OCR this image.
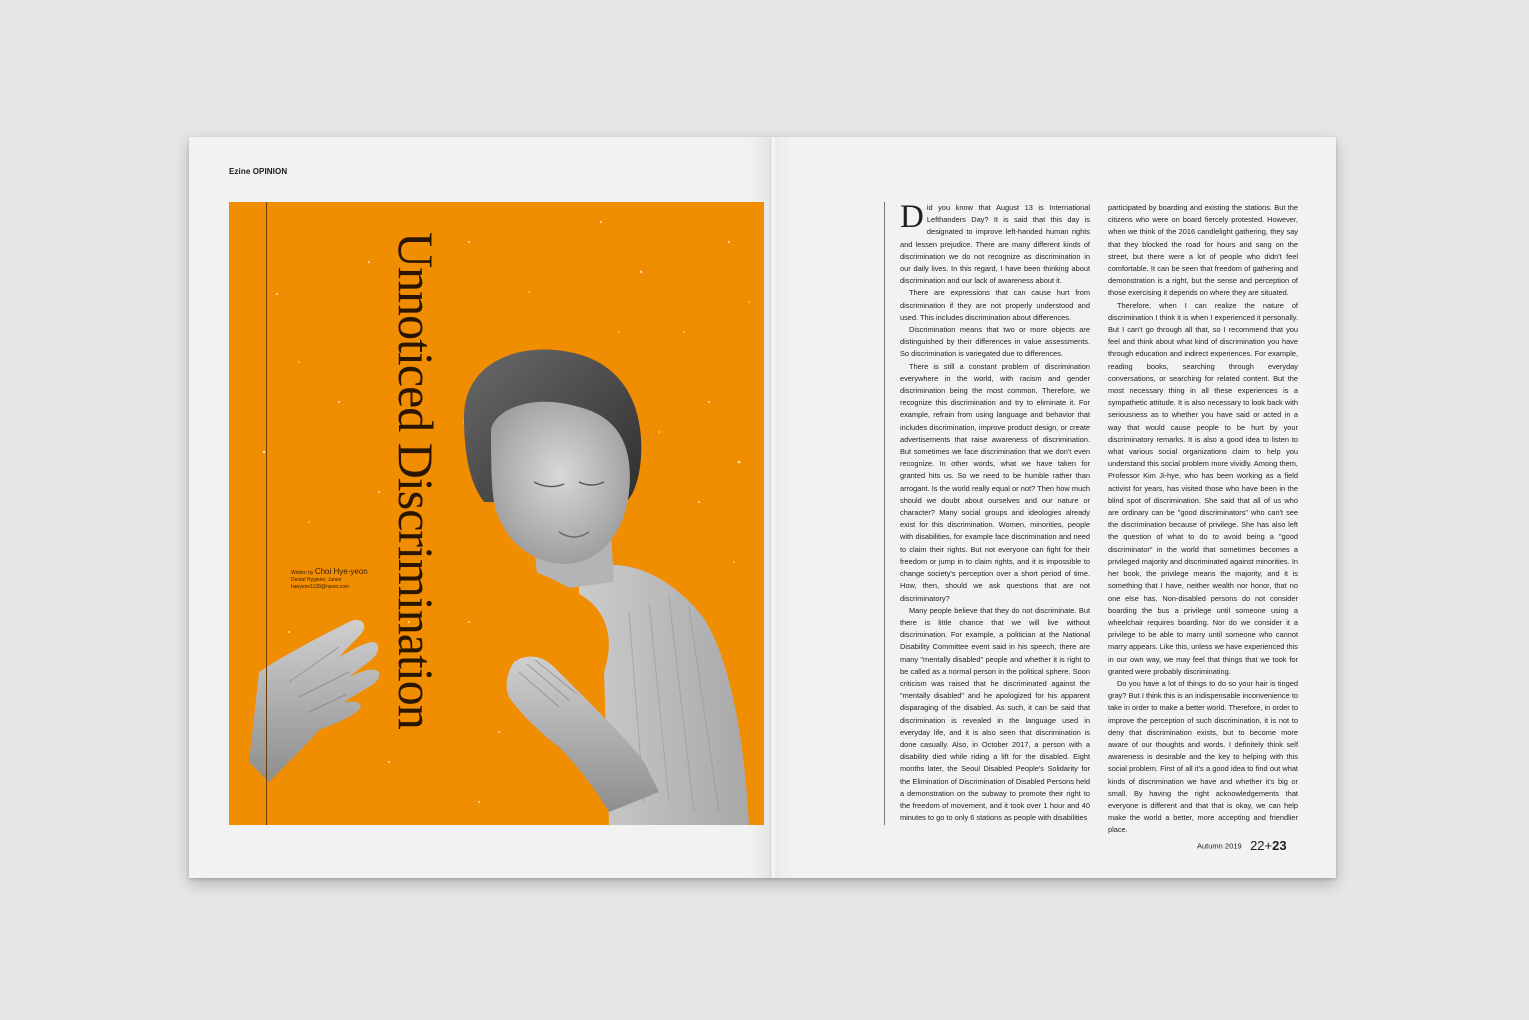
Ezine OPINION
Unnoticed Discrimination
Written by Choi Hye-yeon
Dental Hygiene, Junior
haeyeon1128@naver.com

Did you know that August 13 is International Lefthanders Day? It is said that this day is designated to improve left-handed human rights and lessen prejudice. There are many different kinds of discrimination we do not recognize as discrimination in our daily lives. In this regard, I have been thinking about discrimination and our lack of awareness about it.

There are expressions that can cause hurt from discrimination if they are not properly understood and used. This includes discrimination about differences.

Discrimination means that two or more objects are distinguished by their differences in value assessments. So discrimination is variegated due to differences.

There is still a constant problem of discrimination everywhere in the world, with racism and gender discrimination being the most common. Therefore, we recognize this discrimination and try to eliminate it. For example, refrain from using language and behavior that includes discrimination, improve product design, or create advertisements that raise awareness of discrimination. But sometimes we face discrimination that we don't even recognize. In other words, what we have taken for granted hits us. So we need to be humble rather than arrogant. Is the world really equal or not? Then how much should we doubt about ourselves and our nature or character? Many social groups and ideologies already exist for this discrimination. Women, minorities, people with disabilities, for example face discrimination and need to claim their rights. But not everyone can fight for their freedom or jump in to claim rights, and it is impossible to change society's perception over a short period of time. How, then, should we ask questions that are not discriminatory?

Many people believe that they do not discriminate. But there is little chance that we will live without discrimination. For example, a politician at the National Disability Committee event said in his speech, there are many "mentally disabled" people and whether it is right to be called as a normal person in the political sphere. Soon criticism was raised that he discriminated against the "mentally disabled" and he apologized for his apparent disparaging of the disabled. As such, it can be said that discrimination is revealed in the language used in everyday life, and it is also seen that discrimination is done casually. Also, in October 2017, a person with a disability died while riding a lift for the disabled. Eight months later, the Seoul Disabled People's Solidarity for the Elimination of Discrimination of Disabled Persons held a demonstration on the subway to promote their right to the freedom of movement, and it took over 1 hour and 40 minutes to go to only 6 stations as people with disabilities

participated by boarding and existing the stations. But the citizens who were on board fiercely protested. However, when we think of the 2016 candlelight gathering, they say that they blocked the road for hours and sang on the street, but there were a lot of people who didn't feel comfortable. It can be seen that freedom of gathering and demonstration is a right, but the sense and perception of those exercising it depends on where they are situated.

Therefore, when I can realize the nature of discrimination I think it is when I experienced it personally. But I can't go through all that, so I recommend that you feel and think about what kind of discrimination you have through education and indirect experiences. For example, reading books, searching through everyday conversations, or searching for related content. But the most necessary thing in all these experiences is a sympathetic attitude. It is also necessary to look back with seriousness as to whether you have said or acted in a way that would cause people to be hurt by your discriminatory remarks. It is also a good idea to listen to what various social organizations claim to help you understand this social problem more vividly. Among them, Professor Kim Ji-hye, who has been working as a field activist for years, has visited those who have been in the blind spot of discrimination. She said that all of us who are ordinary can be "good discriminators" who can't see the discrimination because of privilege. She has also left the question of what to do to avoid being a "good discriminator" in the world that sometimes becomes a privileged majority and discriminated against minorities. In her book, the privilege means the majority, and it is something that I have, neither wealth nor honor, that no one else has. Non-disabled persons do not consider boarding the bus a privilege until someone using a wheelchair requires boarding. Nor do we consider it a privilege to be able to marry until someone who cannot marry appears. Like this, unless we have experienced this in our own way, we may feel that things that we took for granted were probably discriminating.

Do you have a lot of things to do so your hair is tinged gray? But I think this is an indispensable inconvenience to take in order to make a better world. Therefore, in order to improve the perception of such discrimination, it is not to deny that discrimination exists, but to become more aware of our thoughts and words. I definitely think self awareness is desirable and the key to helping with this social problem. First of all it's a good idea to find out what kinds of discrimination we have and whether it's big or small. By having the right acknowledgements that everyone is different and that that is okay, we can help make the world a better, more accepting and friendlier place.

Autumn 2019 22+23
